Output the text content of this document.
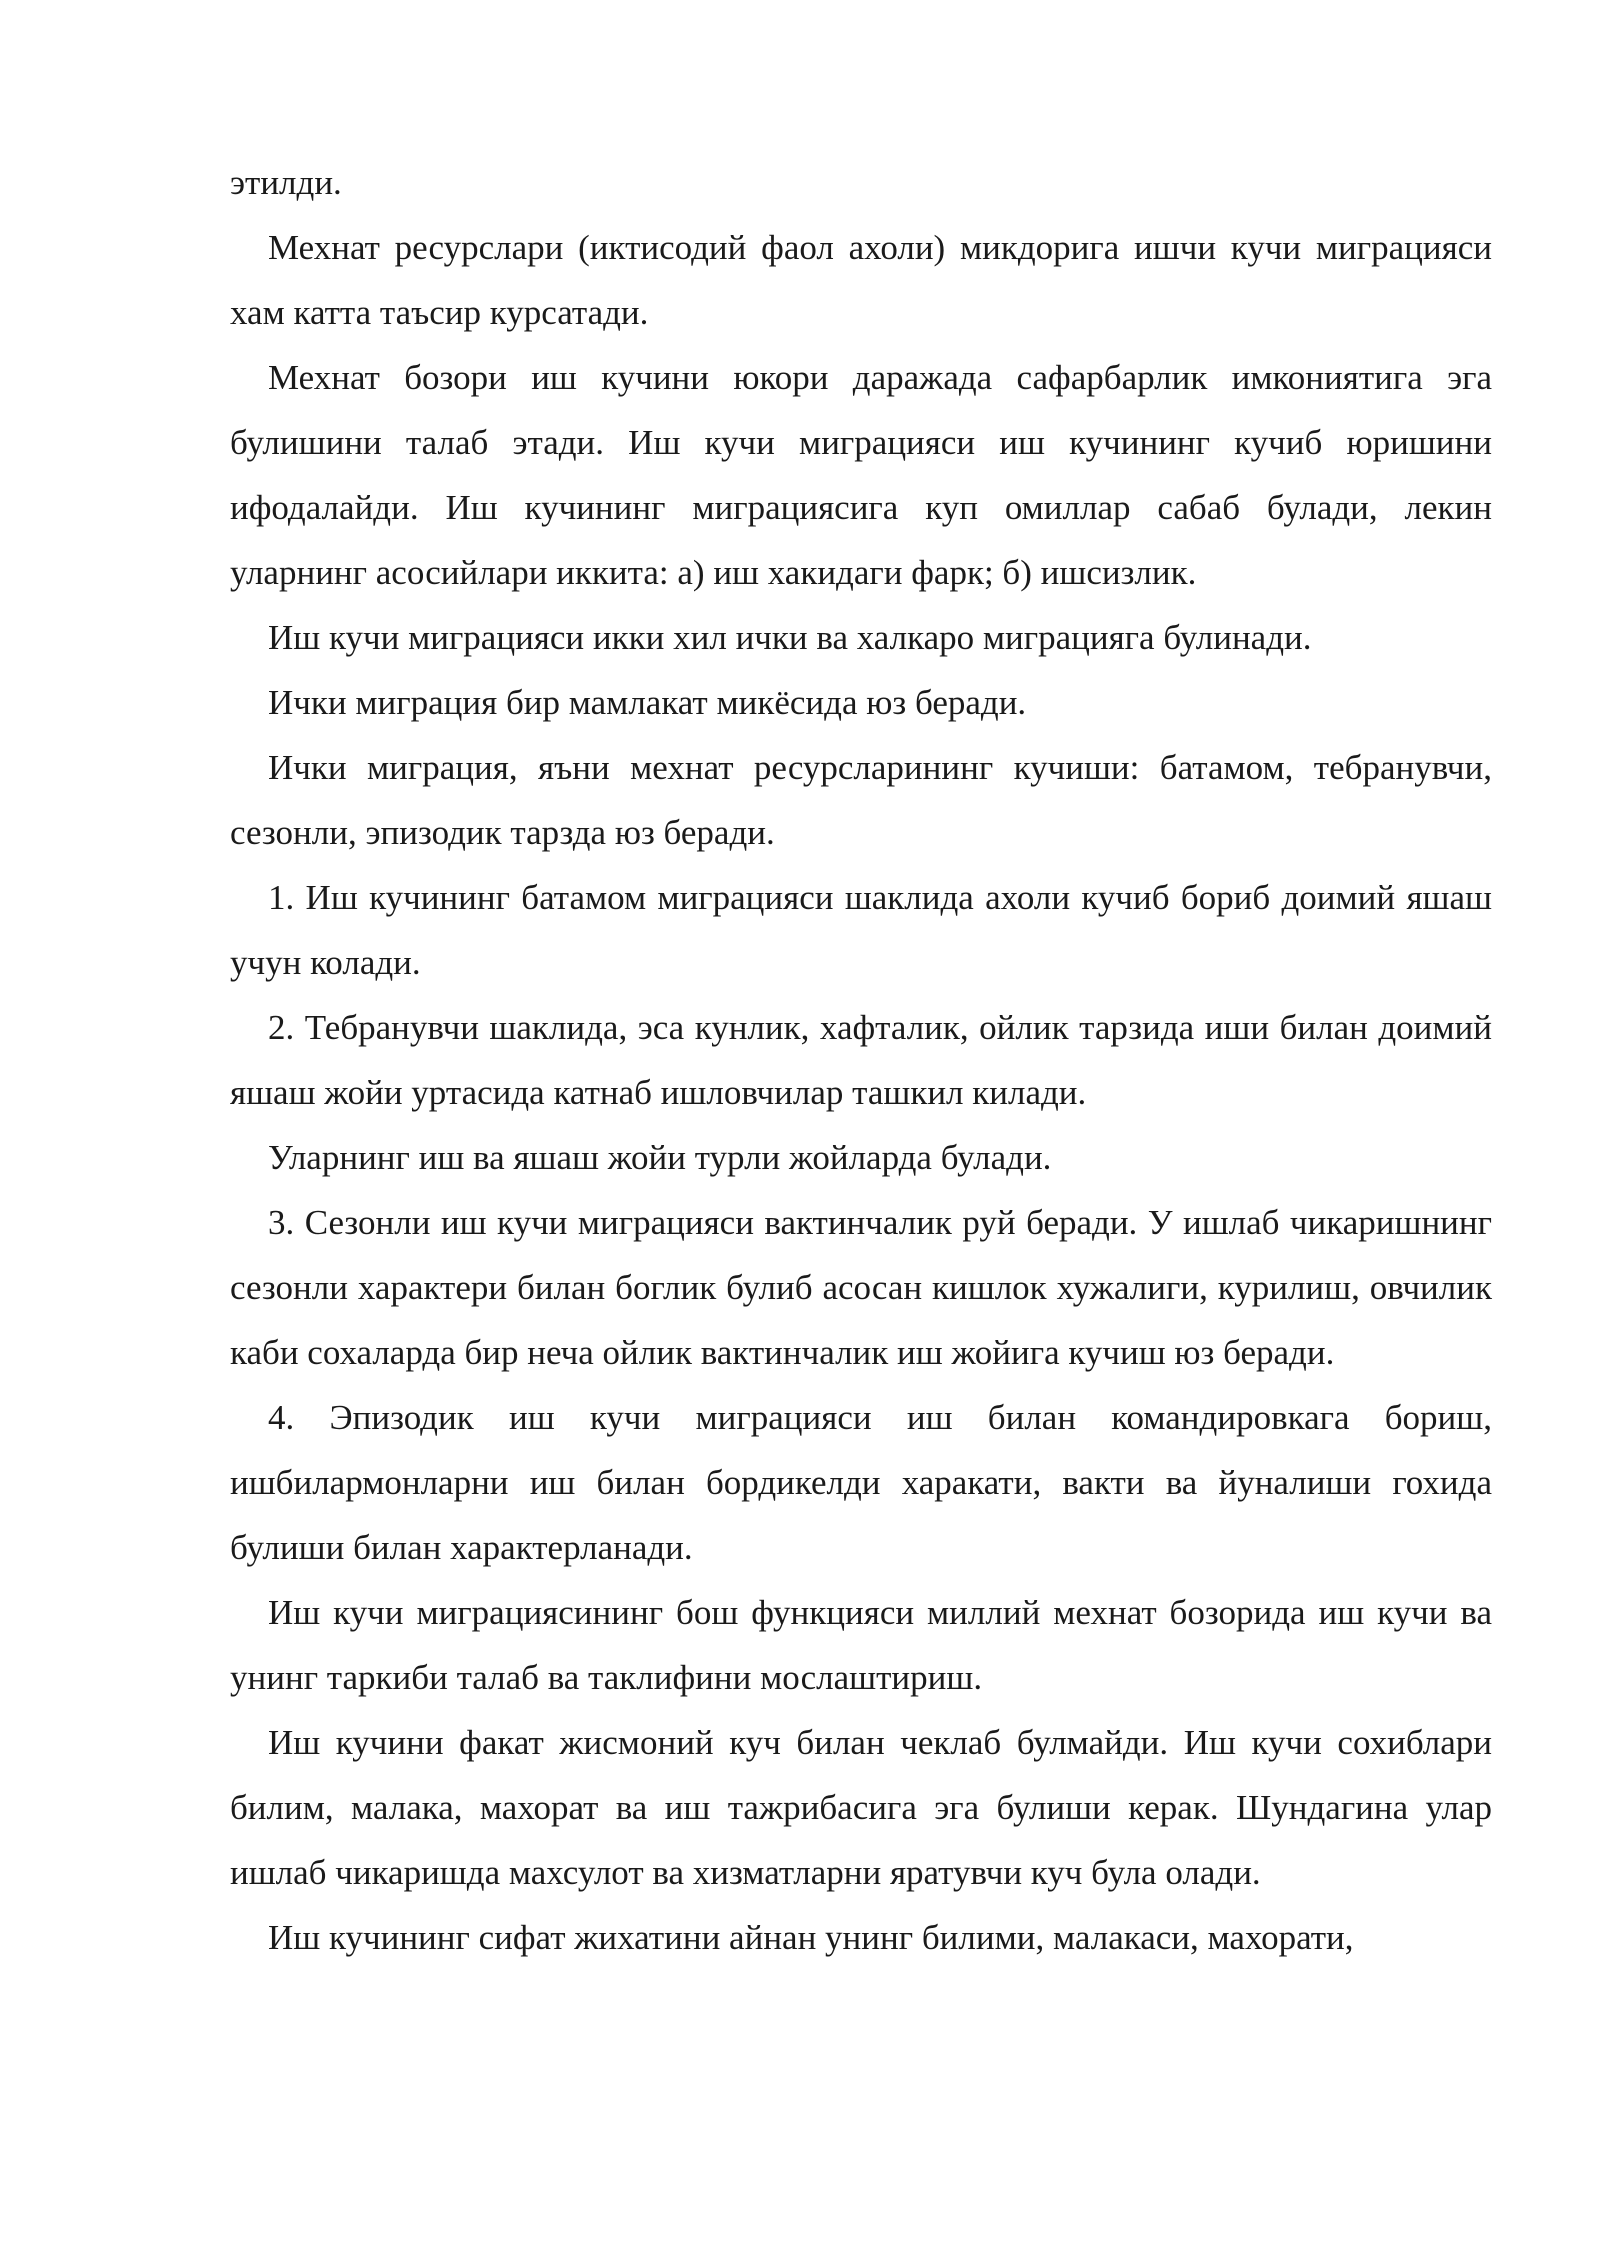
этилди.

Мехнат ресурслари (иктисодий фаол ахоли) микдорига ишчи кучи миграцияси хам катта таъсир курсатади.

Мехнат бозори иш кучини юкори даражада сафарбарлик имкониятига эга булишини талаб этади. Иш кучи миграцияси иш кучининг кучиб юришини ифодалайди. Иш кучининг миграциясига куп омиллар сабаб булади, лекин уларнинг асосийлари иккита: а) иш хакидаги фарк; б) ишсизлик.

Иш кучи миграцияси икки хил ички ва халкаро миграцияга булинади.

Ички миграция бир мамлакат микёсида юз беради.

Ички миграция, яъни мехнат ресурсларининг кучиши: батамом, тебранувчи, сезонли, эпизодик тарзда юз беради.

1. Иш кучининг батамом миграцияси шаклида ахоли кучиб бориб доимий яшаш учун колади.

2. Тебранувчи шаклида, эса кунлик, хафталик, ойлик тарзида иши билан доимий яшаш жойи уртасида катнаб ишловчилар ташкил килади.

Уларнинг иш ва яшаш жойи турли жойларда булади.

3. Сезонли иш кучи миграцияси вактинчалик руй беради. У ишлаб чикаришнинг сезонли характери билан боглик булиб асосан кишлок хужалиги, курилиш, овчилик каби сохаларда бир неча ойлик вактинчалик иш жойига кучиш юз беради.

4. Эпизодик иш кучи миграцияси иш билан командировкага бориш, ишбилармонларни иш билан бордикелди харакати, вакти ва йуналиши гохида булиши билан характерланади.

Иш кучи миграциясининг бош функцияси миллий мехнат бозорида иш кучи ва унинг таркиби талаб ва таклифини мослаштириш.

Иш кучини факат жисмоний куч билан чеклаб булмайди. Иш кучи сохиблари билим, малака, махорат ва иш тажрибасига эга булиши керак. Шундагина улар ишлаб чикаришда махсулот ва хизматларни яратувчи куч була олади.

Иш кучининг сифат жихатини айнан унинг билими, малакаси, махорати,
